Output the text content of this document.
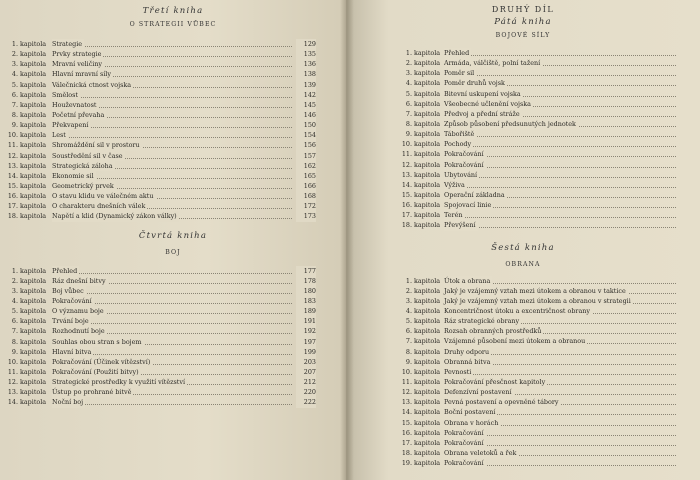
Třetí kniha
O STRATEGII VŮBEC
1. kapitola Strategie	129
2. kapitola Prvky strategie	135
3. kapitola Mravní veličiny	136
4. kapitola Hlavní mravní síly	138
5. kapitola Válečnická ctnost vojska	139
6. kapitola Smělost	142
7. kapitola Houževnatost	145
8. kapitola Početní převaha	146
9. kapitola Překvapení	150
10. kapitola Lest	154
11. kapitola Shromáždění sil v prostoru	156
12. kapitola Soustředění sil v čase	157
13. kapitola Strategická záloha	162
14. kapitola Ekonomie sil	165
15. kapitola Geometrický prvek	166
16. kapitola O stavu klidu ve válečném aktu	168
17. kapitola O charakteru dnešních válek	172
18. kapitola Napětí a klid (Dynamický zákon války)	173
Čtvrtá kniha
BOJ
1. kapitola Přehled	177
2. kapitola Ráz dnešní bitvy	178
3. kapitola Boj vůbec	180
4. kapitola Pokračování	183
5. kapitola O významu boje	189
6. kapitola Trvání boje	191
7. kapitola Rozhodnutí boje	192
8. kapitola Souhlas obou stran s bojem	197
9. kapitola Hlavní bitva	199
10. kapitola Pokračování (Účinek vítězství)	203
11. kapitola Pokračování (Použití bitvy)	207
12. kapitola Strategické prostředky k využití vítězství	212
13. kapitola Ústup po prohrané bitvě	220
14. kapitola Noční boj	222
DRUHÝ DÍL
Pátá kniha
BOJOVÉ SÍLY
1. kapitola Přehled
2. kapitola Armáda, válčiště, polní tažení
3. kapitola Poměr sil
4. kapitola Poměr druhů vojsk
5. kapitola Bitevní uskupení vojska
6. kapitola Všeobecné učlenění vojska
7. kapitola Předvoj a přední stráže
8. kapitola Způsob působení předsunutých jednotek
9. kapitola Tábořiště
10. kapitola Pochody
11. kapitola Pokračování
12. kapitola Pokračování
13. kapitola Ubytování
14. kapitola Výživa
15. kapitola Operační základna
16. kapitola Spojovací linie
17. kapitola Terén
18. kapitola Převýšení
Šestá kniha
OBRANA
1. kapitola Útok a obrana
2. kapitola Jaký je vzájemný vztah mezi útokem a obranou v taktice
3. kapitola Jaký je vzájemný vztah mezi útokem a obranou v strategii
4. kapitola Koncentričnost útoku a excentričnost obrany
5. kapitola Ráz strategické obrany
6. kapitola Rozsah obranných prostředků
7. kapitola Vzájemné působení mezi útokem a obranou
8. kapitola Druhy odporu
9. kapitola Obranná bitva
10. kapitola Pevnosti
11. kapitola Pokračování přesčnost kapitoly
12. kapitola Defenzívní postavení
13. kapitola Pevná postavení a opevněné tábory
14. kapitola Boční postavení
15. kapitola Obrana v horách
16. kapitola Pokračování
17. kapitola Pokračování
18. kapitola Obrana veletoků a řek
19. kapitola Pokračování
